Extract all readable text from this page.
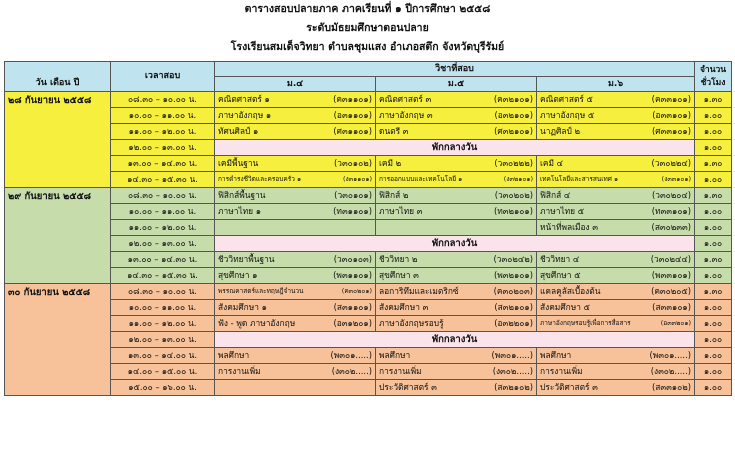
ตารางสอบปลายภาค ภาคเรียนที่ ๑ ปีการศึกษา ๒๕๕๘
ระดับมัธยมศึกษาตอนปลาย
โรงเรียนสมเด็จวิทยา ตำบลชุมแสง อำเภอสตึก จังหวัดบุรีรัมย์
วัน เดือน ปี	เวลาสอบ	วิชาที่สอบ			จำนวนชั่วโมง
		ม.๔	ม.๕	ม.๖	
๒๘ กันยายน ๒๕๕๘	๐๘.๓๐ – ๑๐.๐๐ น.	คณิตศาสตร์ ๑ (ค๓๑๑๐๑)	คณิตศาสตร์ ๓ (ค๓๒๑๐๑)	คณิตศาสตร์ ๕ (ค๓๓๑๐๑)	๑.๓๐
	๑๐.๐๐ – ๑๑.๐๐ น.	ภาษาอังกฤษ ๑ (อ๓๑๑๐๑)	ภาษาอังกฤษ ๓ (อ๓๒๑๐๑)	ภาษาอังกฤษ ๕ (อ๓๓๑๐๑)	๑.๐๐
	๑๑.๐๐ – ๑๒.๐๐ น.	ทัศนศิลป์ ๑ (ศ๓๑๑๐๑)	ดนตรี ๓ (ศ๓๒๑๐๑)	นาฏศิลป์ ๒ (ศ๓๓๑๐๑)	๑.๐๐
	๑๒.๐๐ – ๑๓.๐๐ น.	พักกลางวัน			๑.๐๐
	๑๓.๐๐ – ๑๔.๓๐ น.	เคมีพื้นฐาน (ว๓๐๑๐๒)	เคมี ๒ (ว๓๐๒๒๒)	เคมี ๔ (ว๓๐๒๒๔)	๑.๓๐
	๑๔.๓๐ – ๑๕.๓๐ น.	การดำรงชีวิตและครอบครัว ๑ (ง๓๑๑๐๑)	การออกแบบและเทคโนโลยี ๑ (ง๓๒๑๐๑)	เทคโนโลยีและสารสนเทศ ๑ (ง๓๓๑๐๑)	๑.๐๐
๒๙ กันยายน ๒๕๕๘	๐๘.๓๐ – ๑๐.๐๐ น.	ฟิสิกส์พื้นฐาน (ว๓๐๑๐๑)	ฟิสิกส์ ๒ (ว๓๐๒๐๒)	ฟิสิกส์ ๔ (ว๓๐๒๐๔)	๑.๓๐
	๑๐.๐๐ – ๑๑.๐๐ น.	ภาษาไทย ๑ (ท๓๑๑๐๑)	ภาษาไทย ๓ (ท๓๒๑๐๑)	ภาษาไทย ๕ (ท๓๓๑๐๑)	๑.๐๐
	๑๑.๐๐ – ๑๒.๐๐ น.			หน้าที่พลเมือง ๓ (ส๓๐๒๓๓)	๑.๐๐
	๑๒.๐๐ – ๑๓.๐๐ น.	พักกลางวัน			๑.๐๐
	๑๓.๐๐ – ๑๔.๓๐ น.	ชีววิทยาพื้นฐาน (ว๓๐๑๐๓)	ชีววิทยา ๒ (ว๓๐๒๔๒)	ชีววิทยา ๔ (ว๓๐๒๔๔)	๑.๓๐
	๑๔.๓๐ – ๑๕.๓๐ น.	สุขศึกษา ๑ (พ๓๑๑๐๑)	สุขศึกษา ๓ (พ๓๒๑๐๑)	สุขศึกษา ๕ (พ๓๓๑๐๑)	๑.๐๐
๓๐ กันยายน ๒๕๕๘	๐๘.๓๐ – ๑๐.๐๐ น.	พรรณคาสตร์และทฤษฎีจำนวน (ค๓๐๒๐๑)	ลอการิทึมและเมตริกซ์ (ค๓๐๒๐๓)	แคลคูลัสเบื้องต้น (ค๓๐๒๐๕)	๑.๓๐
	๑๐.๐๐ – ๑๑.๐๐ น.	สังคมศึกษา ๑ (ส๓๑๑๐๑)	สังคมศึกษา ๓ (ส๓๒๑๐๑)	สังคมศึกษา ๕ (ส๓๓๑๐๑)	๑.๐๐
	๑๑.๐๐ – ๑๒.๐๐ น.	ฟัง - พูด ภาษาอังกฤษ (อ๓๑๒๐๑)	ภาษาอังกฤษรอบรู้ (อ๓๒๒๐๑)	ภาษาอังกฤษรอบรู้เพื่อการสื่อสาร (อ๓๓๒๐๑)	๑.๐๐
	๑๒.๐๐ – ๑๓.๐๐ น.	พักกลางวัน			๑.๐๐
	๑๓.๐๐ – ๑๔.๐๐ น.	พลศึกษา (พ๓๐๑.....)	พลศึกษา (พ๓๐๑.....)	พลศึกษา (พ๓๐๑.....)	๑.๐๐
	๑๔.๐๐ – ๑๕.๐๐ น.	การงานเพิ่ม (ง๓๐๒.....)	การงานเพิ่ม (ง๓๐๒.....)	การงานเพิ่ม (ง๓๐๒.....)	๑.๐๐
	๑๕.๐๐ – ๑๖.๐๐ น.		ประวัติศาสตร์ ๓ (ส๓๒๑๐๒)	ประวัติศาสตร์ ๓ (ส๓๓๑๐๒)	๑.๐๐
